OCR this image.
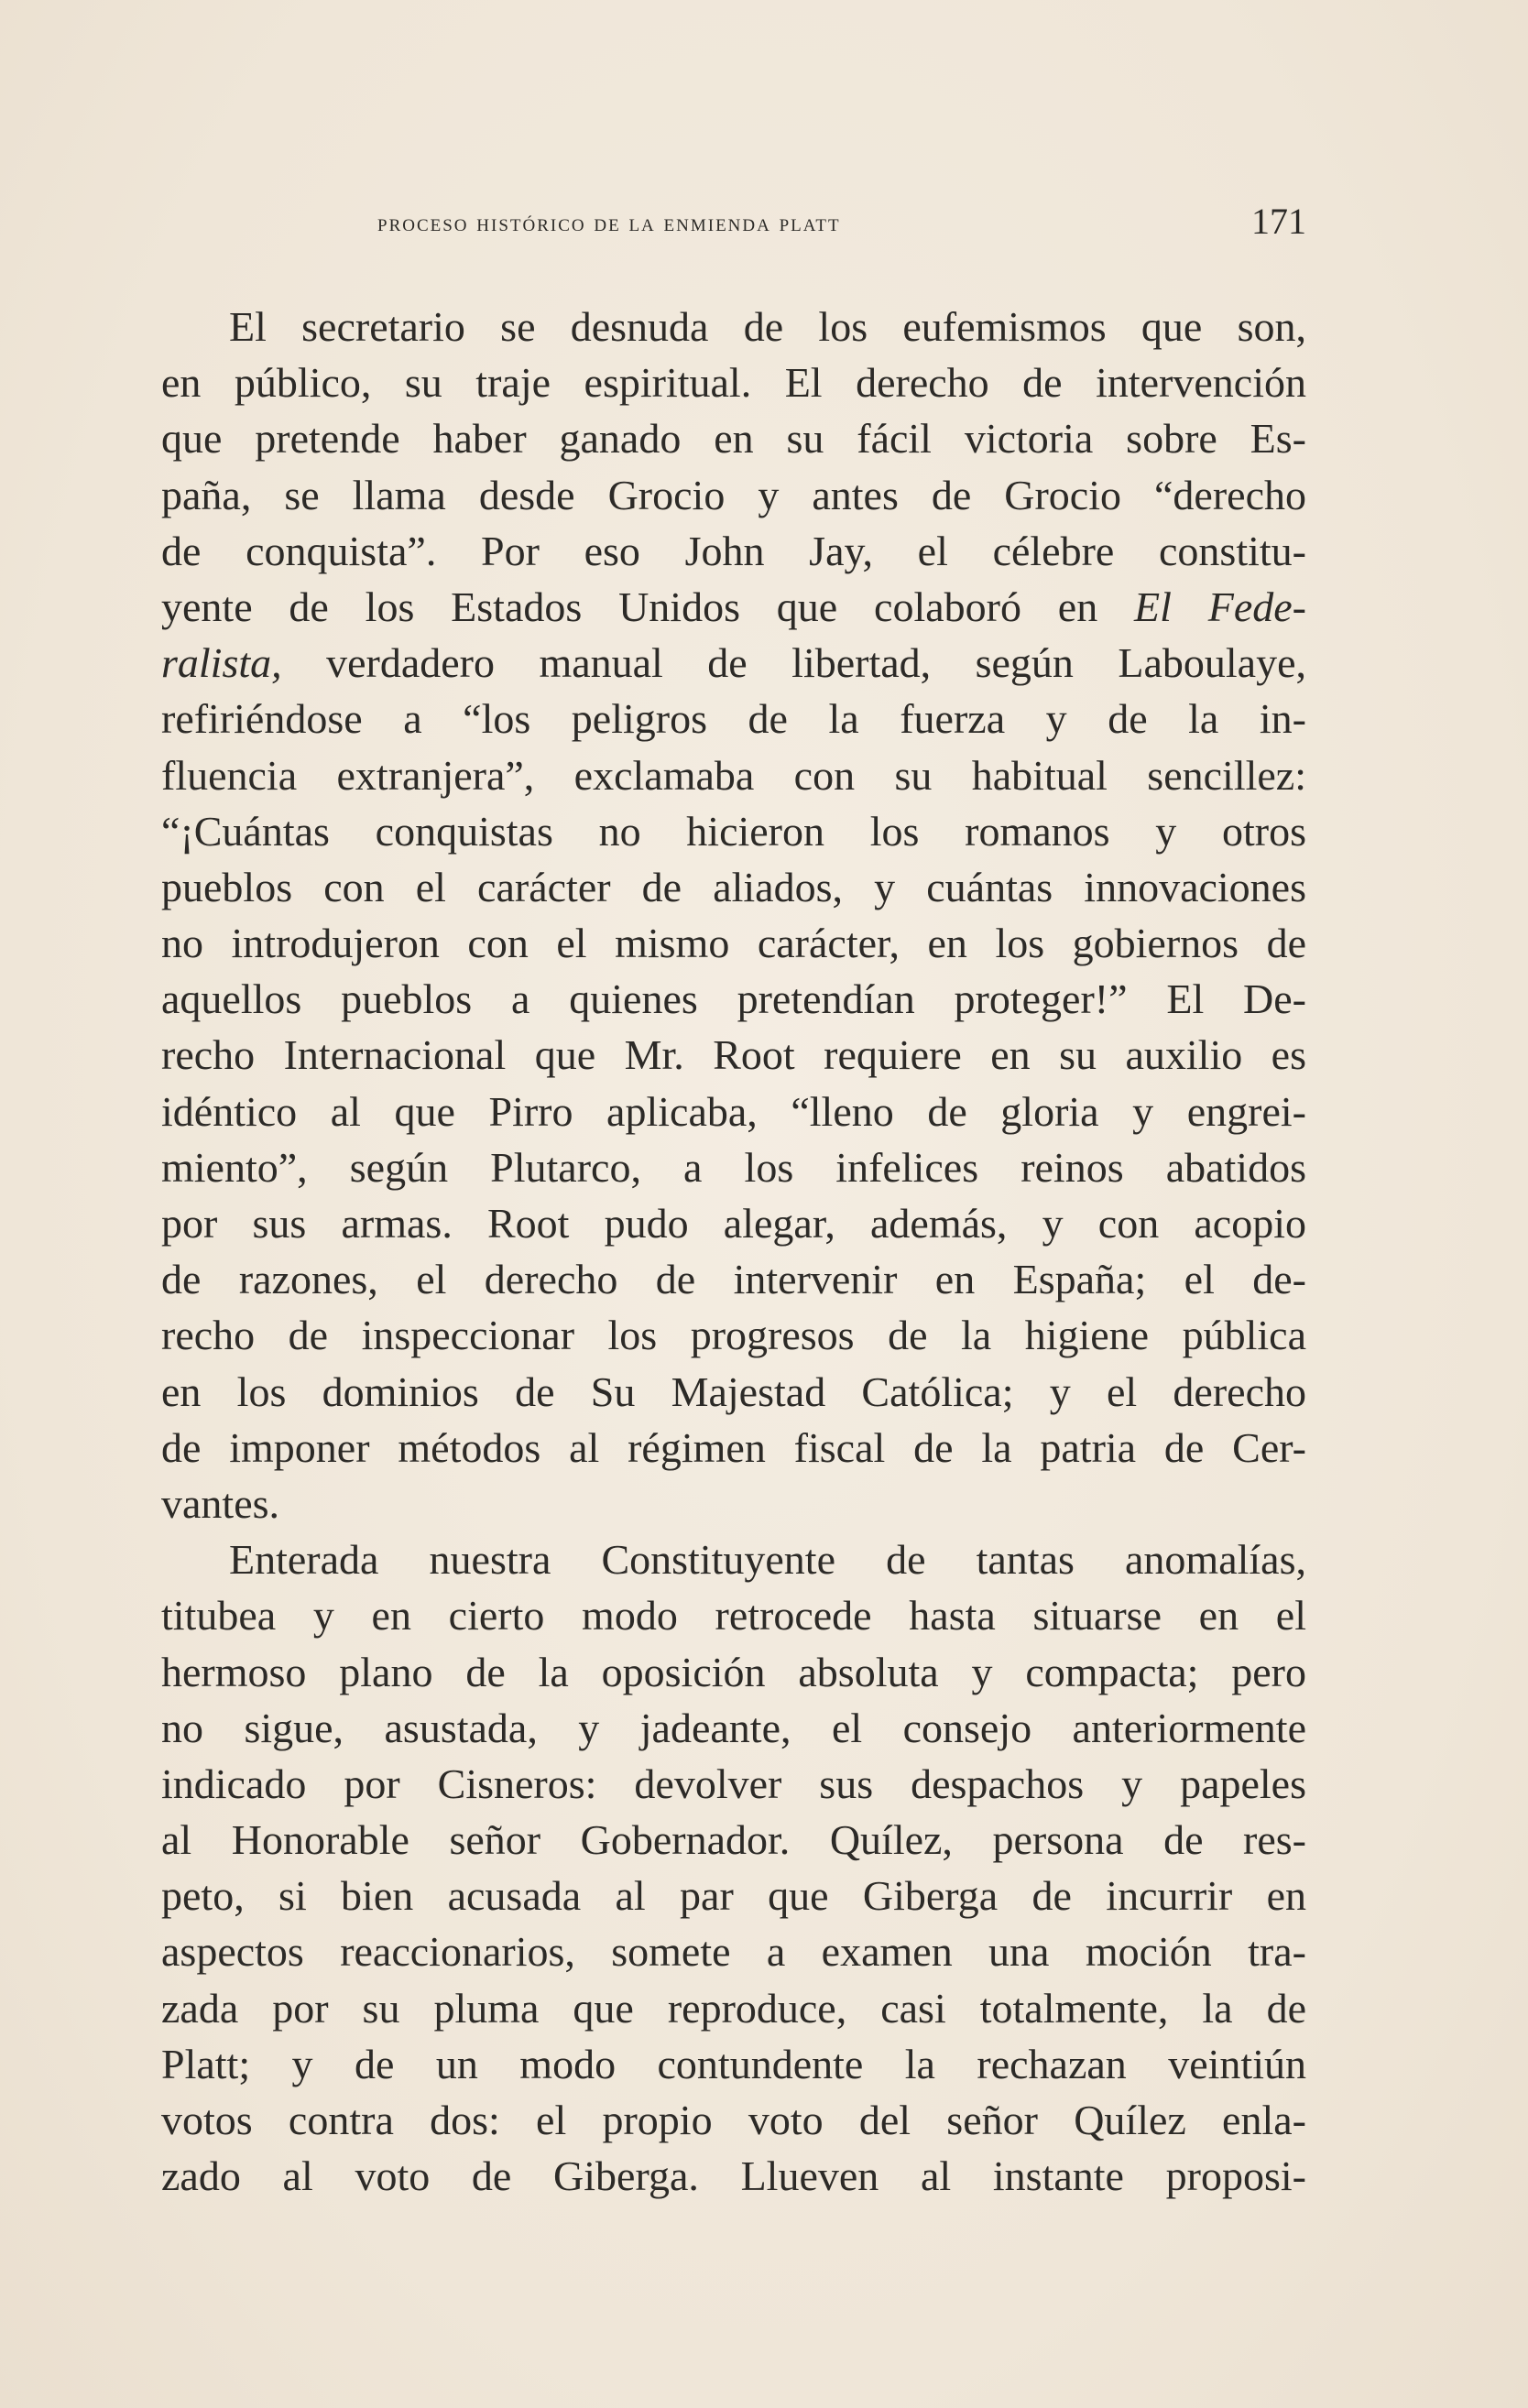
proceso histórico de la enmienda platt	171
El secretario se desnuda de los eufemismos que son,
en público, su traje espiritual. El derecho de intervención
que pretende haber ganado en su fácil victoria sobre Es-
paña, se llama desde Grocio y antes de Grocio “derecho
de conquista”. Por eso John Jay, el célebre constitu-
yente de los Estados Unidos que colaboró en El Fede-
ralista, verdadero manual de libertad, según Laboulaye,
refiriéndose a “los peligros de la fuerza y de la in-
fluencia extranjera”, exclamaba con su habitual sencillez:
“¡Cuántas conquistas no hicieron los romanos y otros
pueblos con el carácter de aliados, y cuántas innovaciones
no introdujeron con el mismo carácter, en los gobiernos de
aquellos pueblos a quienes pretendían proteger!” El De-
recho Internacional que Mr. Root requiere en su auxilio es
idéntico al que Pirro aplicaba, “lleno de gloria y engrei-
miento”, según Plutarco, a los infelices reinos abatidos
por sus armas. Root pudo alegar, además, y con acopio
de razones, el derecho de intervenir en España; el de-
recho de inspeccionar los progresos de la higiene pública
en los dominios de Su Majestad Católica; y el derecho
de imponer métodos al régimen fiscal de la patria de Cer-
vantes.
Enterada nuestra Constituyente de tantas anomalías,
titubea y en cierto modo retrocede hasta situarse en el
hermoso plano de la oposición absoluta y compacta; pero
no sigue, asustada, y jadeante, el consejo anteriormente
indicado por Cisneros: devolver sus despachos y papeles
al Honorable señor Gobernador. Quílez, persona de res-
peto, si bien acusada al par que Giberga de incurrir en
aspectos reaccionarios, somete a examen una moción tra-
zada por su pluma que reproduce, casi totalmente, la de
Platt; y de un modo contundente la rechazan veintiún
votos contra dos: el propio voto del señor Quílez enla-
zado al voto de Giberga. Llueven al instante proposi-
